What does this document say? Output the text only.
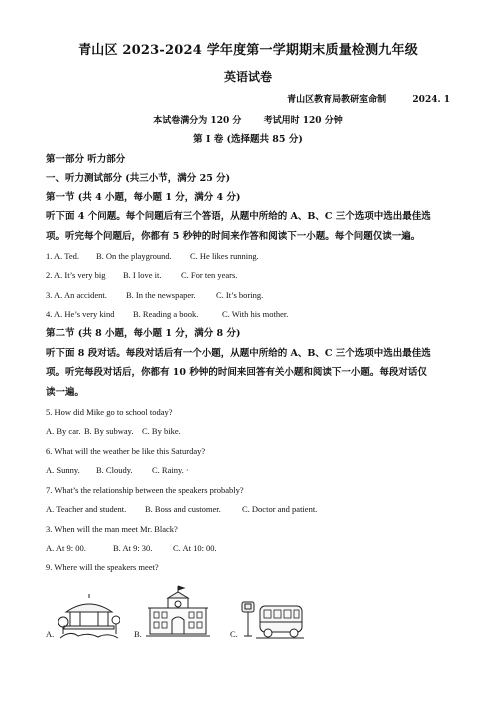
青山区 2023-2024 学年度第一学期期末质量检测九年级
英语试卷
青山区教育局教研室命制	2024. 1
本试卷满分为 120 分 考试用时 120 分钟
第 I 卷 (选择题共 85 分)
第一部分 听力部分
一、听力测试部分 (共三小节，满分 25 分)
第一节 (共 4 小题，每小题 1 分，满分 4 分)
听下面 4 个问题。每个问题后有三个答语，从题中所给的 A、B、C 三个选项中选出最佳选
项。听完每个问题后，你都有 5 秒钟的时间来作答和阅读下一小题。每个问题仅读一遍。
1. A. Ted. B. On the playground. C. He likes running.
2. A. It’s very big B. I love it. C. For ten years.
3. A. An accident. B. In the newspaper. C. It’s boring.
4. A. He’s very kind B. Reading a book.	C. With his mother.
第二节 (共 8 小题，每小题 1 分，满分 8 分)
听下面 8 段对话。每段对话后有一个小题，从题中所给的 A、B、C 三个选项中选出最佳选
项。听完每段对话后，你都有 10 秒钟的时间来回答有关小题和阅读下一小题。每段对话仅
读一遍。
5. How did Mike go to school today?
A. By car. B. By subway. C. By bike.
6. What will the weather be like this Saturday?
A. Sunny. B. Cloudy. C. Rainy. ·
7. What’s the relationship between the speakers probably?
A. Teacher and student. B. Boss and customer. C. Doctor and patient.
3. When will the man meet Mr. Black?
A. At 9: 00.	B. At 9: 30. C. At 10: 00.
9. Where will the speakers meet?
A.	B.	C.
